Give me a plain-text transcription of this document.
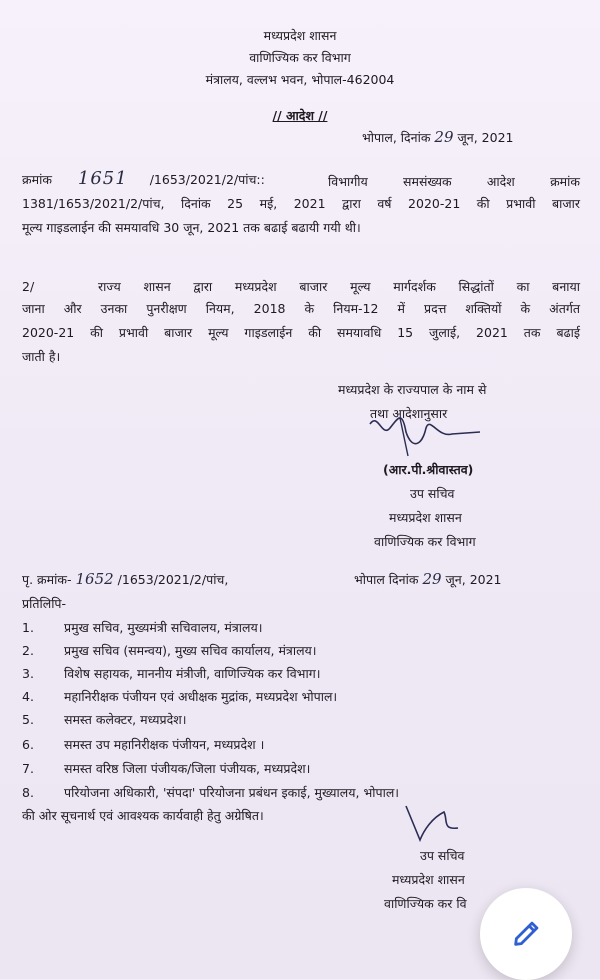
मध्यप्रदेश शासन
वाणिज्यिक कर विभाग
मंत्रालय, वल्लभ भवन, भोपाल-462004
// आदेश //
भोपाल, दिनांक 29 जून, 2021
क्रमांक 1651 /1653/2021/2/पांच::	विभागीय समसंख्यक आदेश क्रमांक
1381/1653/2021/2/पांच, दिनांक 25 मई, 2021 द्वारा वर्ष 2020-21 की प्रभावी बाजार
मूल्य गाइडलाईन की समयावधि 30 जून, 2021 तक बढाई बढायी गयी थी।
2/	राज्य शासन द्वारा मध्यप्रदेश बाजार मूल्य मार्गदर्शक सिद्धांतों का बनाया
जाना और उनका पुनरीक्षण नियम, 2018 के नियम-12 में प्रदत्त शक्तियों के अंतर्गत
2020-21 की प्रभावी बाजार मूल्य गाइडलाईन की समयावधि 15 जुलाई, 2021 तक बढाई
जाती है।
मध्यप्रदेश के राज्यपाल के नाम से
तथा आदेशानुसार
(आर.पी.श्रीवास्तव)
उप सचिव
मध्यप्रदेश शासन
वाणिज्यिक कर विभाग
पृ. क्रमांक- 1652 /1653/2021/2/पांच,	भोपाल दिनांक 29 जून, 2021
प्रतिलिपि-
1. प्रमुख सचिव, मुख्यमंत्री सचिवालय, मंत्रालय।
2. प्रमुख सचिव (समन्वय), मुख्य सचिव कार्यालय, मंत्रालय।
3. विशेष सहायक, माननीय मंत्रीजी, वाणिज्यिक कर विभाग।
4. महानिरीक्षक पंजीयन एवं अधीक्षक मुद्रांक, मध्यप्रदेश भोपाल।
5. समस्त कलेक्टर, मध्यप्रदेश।
6. समस्त उप महानिरीक्षक पंजीयन, मध्यप्रदेश ।
7. समस्त वरिष्ठ जिला पंजीयक/जिला पंजीयक, मध्यप्रदेश।
8. परियोजना अधिकारी, 'संपदा' परियोजना प्रबंधन इकाई, मुख्यालय, भोपाल।
की ओर सूचनार्थ एवं आवश्यक कार्यवाही हेतु अग्रेषित।
उप सचिव
मध्यप्रदेश शासन
वाणिज्यिक कर वि
